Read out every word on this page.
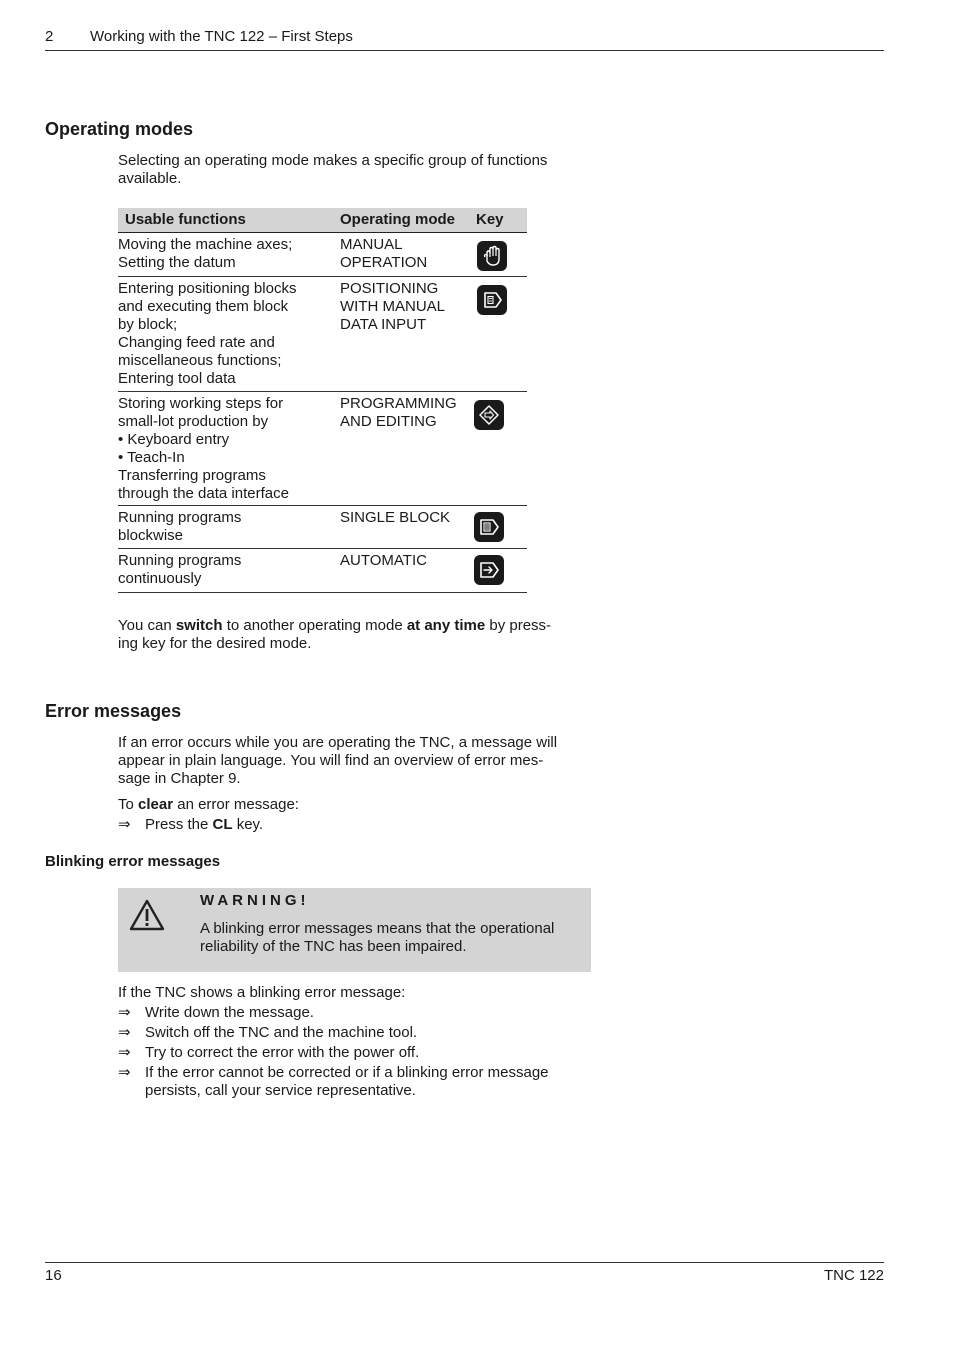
2 Working with the TNC 122 – First Steps
Operating modes
Selecting an operating mode makes a specific group of functions available.
Usable functions	Operating mode Key
Moving the machine axes;
Setting the datum
MANUAL
OPERATION
Entering positioning blocks
and executing them block
by block;
Changing feed rate and
miscellaneous functions;
Entering tool data
POSITIONING
WITH MANUAL
DATA INPUT
Storing working steps for
small-lot production by
• Keyboard entry
• Teach-In
Transferring programs
through the data interface
PROGRAMMING
AND EDITING
Running programs
blockwise
SINGLE BLOCK
Running programs
continuously
AUTOMATIC
You can switch to another operating mode at any time by press-
ing key for the desired mode.
Error messages
If an error occurs while you are operating the TNC, a message will
appear in plain language. You will find an overview of error mes-
sage in Chapter 9.
To clear an error message:
⇒ Press the CL key.
Blinking error messages
WARNING!
A blinking error messages means that the operational reliability of the TNC has been impaired.
If the TNC shows a blinking error message:
⇒ Write down the message.
⇒ Switch off the TNC and the machine tool.
⇒ Try to correct the error with the power off.
⇒ If the error cannot be corrected or if a blinking error message persists, call your service representative.
16	TNC 122
